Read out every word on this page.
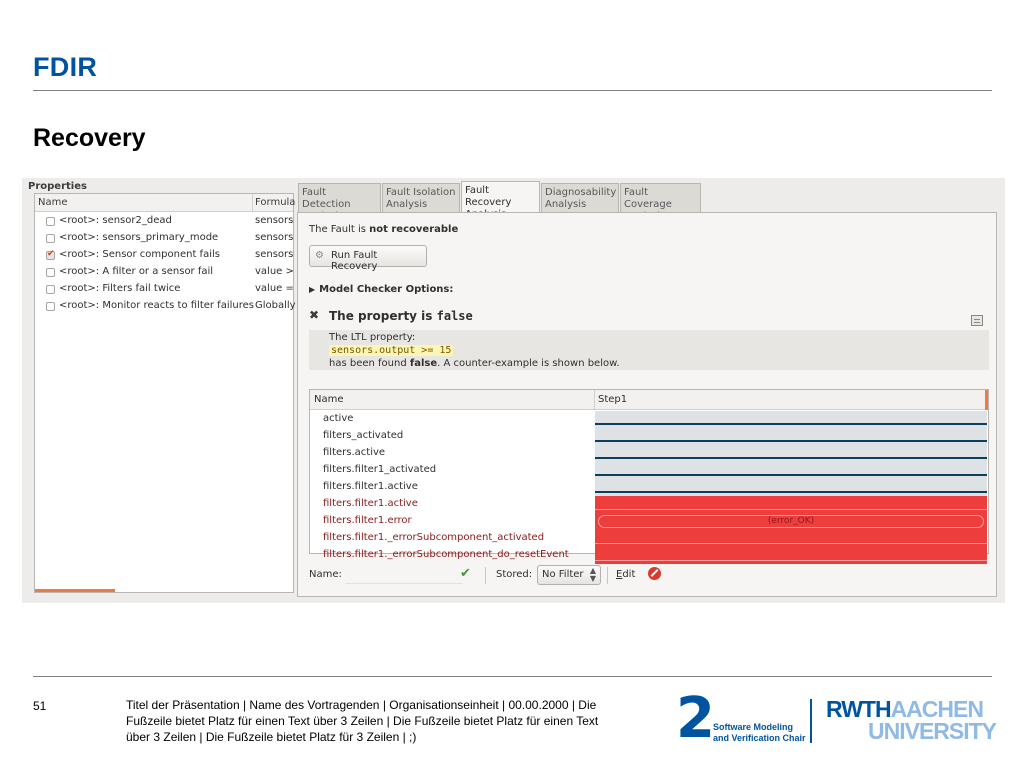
FDIR
Recovery
Properties
Name	Formula
<root>: sensor2_dead	sensors
<root>: sensors_primary_mode	sensors
✔
<root>: Sensor component fails	sensors
<root>: A filter or a sensor fail	value >
<root>: Filters fail twice	value =
<root>: Monitor reacts to filter failures Globally
Fault Detection

Fault Isolation
Analysis
Fault Recovery

Diagnosability
Analysis
Fault Coverage

The Fault is not recoverable
⚙ Run Fault Recovery
▶ Model Checker Options:
✖ The property is false
The LTL property:
sensors.output >= 15
has been found false. A counter-example is shown below.
Name	Step1
active
filters_activated
filters.active
filters.filter1_activated
filters.filter1.active
filters.filter1.active
filters.filter1.error	(error_OK)
filters.filter1._errorSubcomponent_activated
filters.filter1._errorSubcomponent_do_resetEvent
Name:	✔	Stored: No Filter ▲
▼ Edit
51	Titel der Präsentation | Name des Vortragenden | Organisationseinheit | 00.00.2000 | Die Fußzeile bietet Platz für einen Text über 3 Zeilen | Die Fußzeile bietet Platz für einen Text über 3 Zeilen | Die Fußzeile bietet Platz für 3 Zeilen | ;)	2
Software Modeling
and Verification Chair
RWTHAACHEN
UNIVERSITY
